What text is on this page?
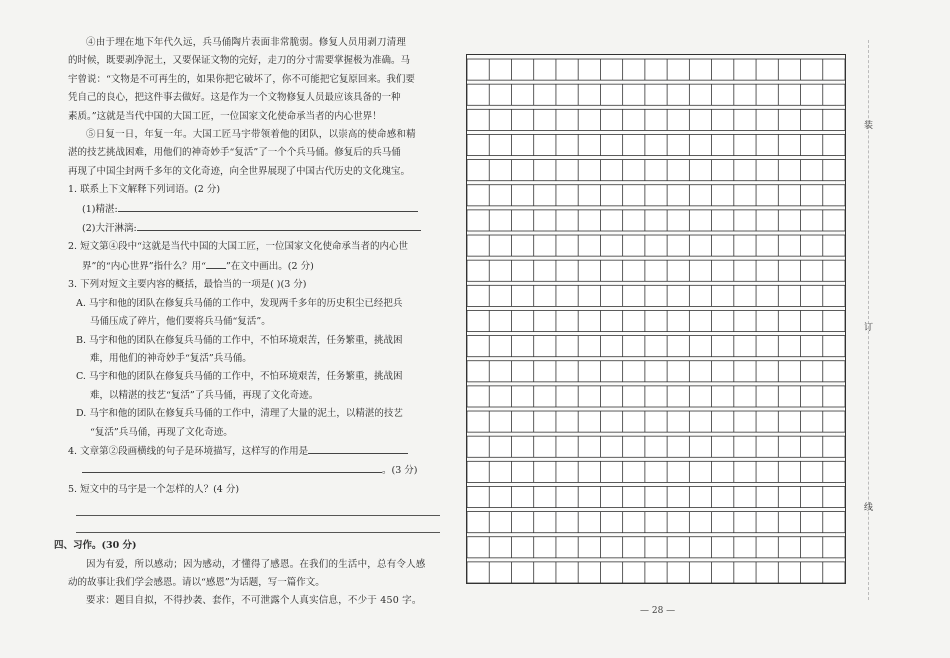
④由于埋在地下年代久远，兵马俑陶片表面非常脆弱。修复人员用剥刀清理

的时候，既要剥净泥土，又要保证文物的完好，走刀的分寸需要掌握极为准确。马

宇曾说：“文物是不可再生的，如果你把它破坏了，你不可能把它复原回来。我们要

凭自己的良心，把这件事去做好。这是作为一个文物修复人员最应该具备的一种

素质。”这就是当代中国的大国工匠，一位国家文化使命承当者的内心世界！

⑤日复一日，年复一年。大国工匠马宇带领着他的团队，以崇高的使命感和精

湛的技艺挑战困难，用他们的神奇妙手“复活”了一个个兵马俑。修复后的兵马俑

再现了中国尘封两千多年的文化奇迹，向全世界展现了中国古代历史的文化瑰宝。

1. 联系上下文解释下列词语。(2 分)

(1)精湛:

(2)大汗淋漓:

2. 短文第④段中“这就是当代中国的大国工匠，一位国家文化使命承当者的内心世

界”的“内心世界”指什么？用“ ”在文中画出。(2 分)

3. 下列对短文主要内容的概括，最恰当的一项是( )(3 分)

A. 马宇和他的团队在修复兵马俑的工作中，发现两千多年的历史积尘已经把兵

马俑压成了碎片，他们要将兵马俑“复活”。

B. 马宇和他的团队在修复兵马俑的工作中，不怕环境艰苦，任务繁重，挑战困

难，用他们的神奇妙手“复活”兵马俑。

C. 马宇和他的团队在修复兵马俑的工作中，不怕环境艰苦，任务繁重，挑战困

难，以精湛的技艺“复活”了兵马俑，再现了文化奇迹。

D. 马宇和他的团队在修复兵马俑的工作中，清理了大量的泥土，以精湛的技艺

“复活”兵马俑，再现了文化奇迹。

4. 文章第②段画横线的句子是环境描写，这样写的作用是

。(3 分)

5. 短文中的马宇是一个怎样的人？(4 分)

四、习作。(30 分)

因为有爱，所以感动；因为感动，才懂得了感恩。在我们的生活中，总有令人感

动的故事让我们学会感恩。请以“感恩”为话题，写一篇作文。

要求：题目自拟，不得抄袭、套作，不可泄露个人真实信息，不少于 450 字。

装
订
线
— 28 —
